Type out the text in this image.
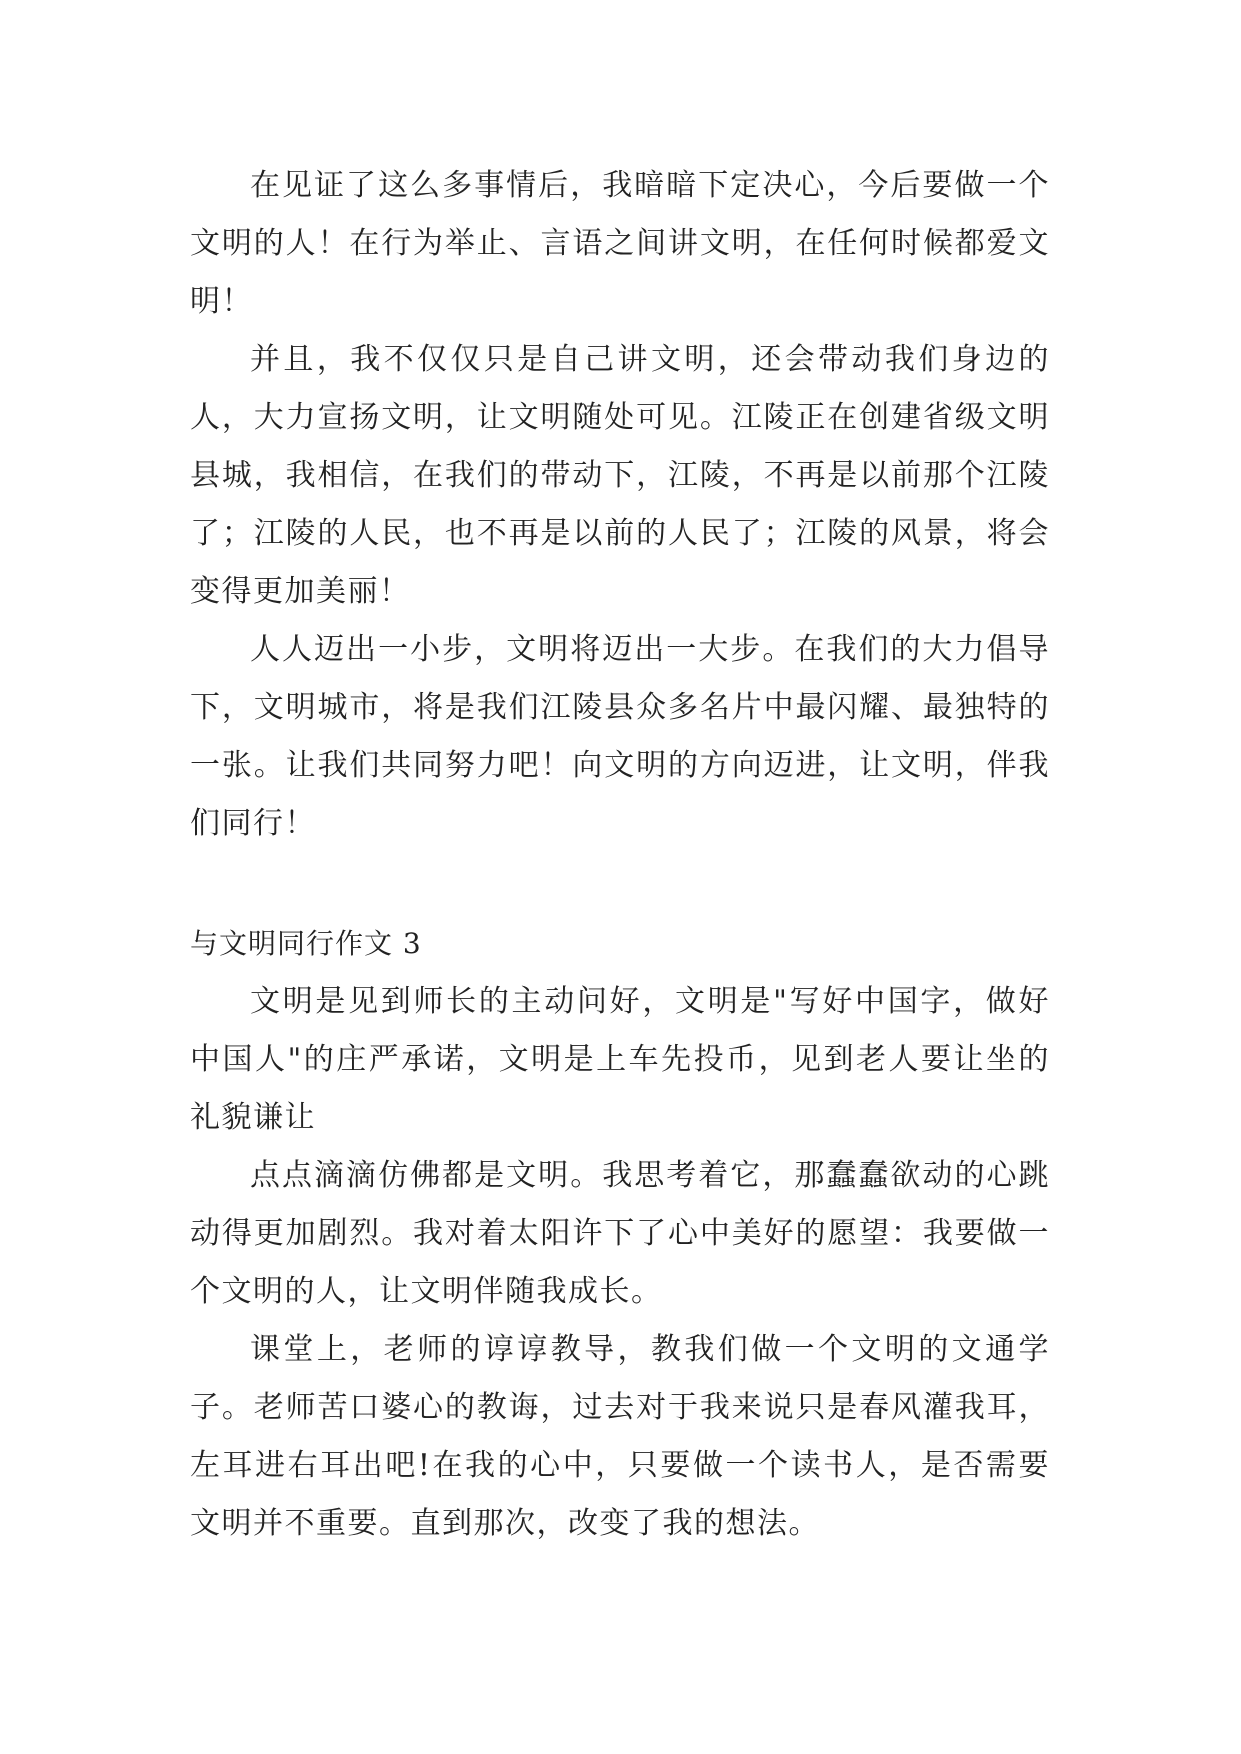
在见证了这么多事情后，我暗暗下定决心，今后要做一个文明的人！在行为举止、言语之间讲文明，在任何时候都爱文明！

并且，我不仅仅只是自己讲文明，还会带动我们身边的人，大力宣扬文明，让文明随处可见。江陵正在创建省级文明县城，我相信，在我们的带动下，江陵，不再是以前那个江陵了；江陵的人民，也不再是以前的人民了；江陵的风景，将会变得更加美丽！

人人迈出一小步，文明将迈出一大步。在我们的大力倡导下，文明城市，将是我们江陵县众多名片中最闪耀、最独特的一张。让我们共同努力吧！向文明的方向迈进，让文明，伴我们同行！

与文明同行作文 3

文明是见到师长的主动问好，文明是"写好中国字，做好中国人"的庄严承诺，文明是上车先投币，见到老人要让坐的礼貌谦让

点点滴滴仿佛都是文明。我思考着它，那蠢蠢欲动的心跳动得更加剧烈。我对着太阳许下了心中美好的愿望：我要做一个文明的人，让文明伴随我成长。

课堂上，老师的谆谆教导，教我们做一个文明的文通学子。老师苦口婆心的教诲，过去对于我来说只是春风灌我耳，左耳进右耳出吧!在我的心中，只要做一个读书人，是否需要文明并不重要。直到那次，改变了我的想法。
